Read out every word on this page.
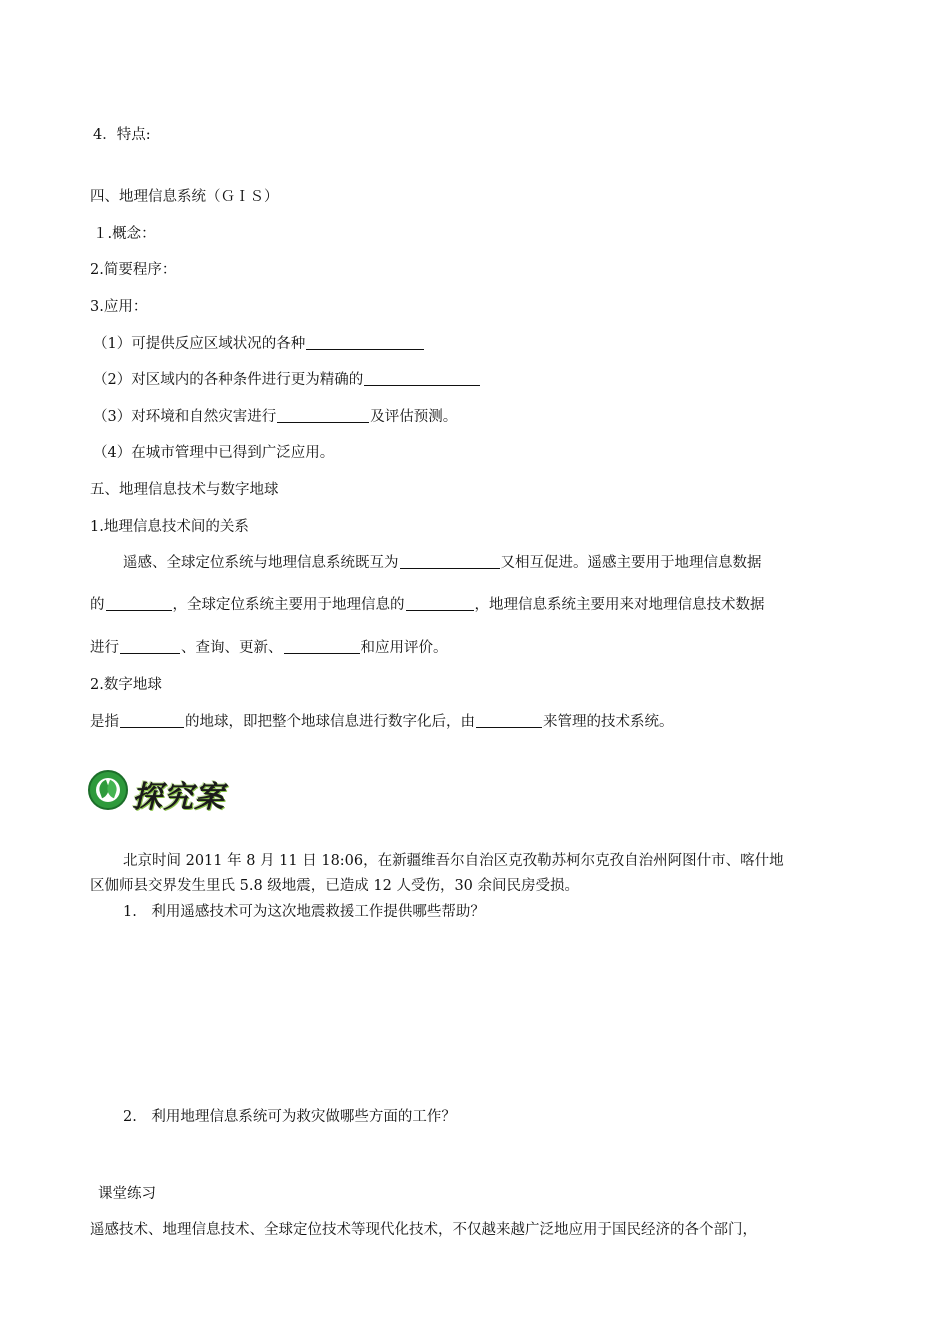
4．特点:
四、地理信息系统（ＧＩＳ）
１.概念：
2.简要程序：
3.应用：
（1）可提供反应区域状况的各种
（2）对区域内的各种条件进行更为精确的
（3）对环境和自然灾害进行	及评估预测。
（4）在城市管理中已得到广泛应用。
五、地理信息技术与数字地球
1.地理信息技术间的关系
遥感、全球定位系统与地理信息系统既互为	又相互促进。遥感主要用于地理信息数据
的	，全球定位系统主要用于地理信息的	，地理信息系统主要用来对地理信息技术数据
进行	、查询、更新、	和应用评价。
2.数字地球
是指	的地球，即把整个地球信息进行数字化后，由	来管理的技术系统。
探究案
北京时间 2011 年 8 月 11 日 18:06，在新疆维吾尔自治区克孜勒苏柯尔克孜自治州阿图什市、喀什地
区伽师县交界发生里氏 5.8 级地震，已造成 12 人受伤，30 余间民房受损。
1.　利用遥感技术可为这次地震救援工作提供哪些帮助？
2.　利用地理信息系统可为救灾做哪些方面的工作？
课堂练习
遥感技术、地理信息技术、全球定位技术等现代化技术，不仅越来越广泛地应用于国民经济的各个部门，
